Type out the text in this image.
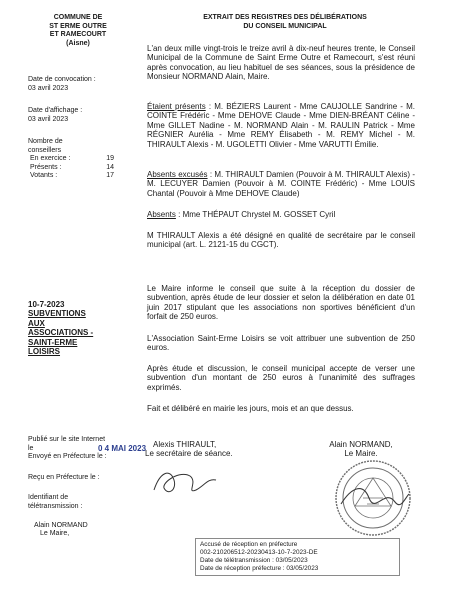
COMMUNE DE
ST ERME OUTRE
ET RAMECOURT
(Aisne)
EXTRAIT DES REGISTRES DES DÉLIBÉRATIONS
DU CONSEIL MUNICIPAL
Date de convocation :
03 avril 2023
Date d'affichage :
03 avril 2023
Nombre de
conseillers
En exercice :	19
Présents :	14
Votants :	17

L'an deux mille vingt-trois le treize avril à dix-neuf heures trente, le Conseil Municipal de la Commune de Saint Erme Outre et Ramecourt, s'est réuni après convocation, au lieu habituel de ses séances, sous la présidence de Monsieur NORMAND Alain, Maire.

Étaient présents : M. BÉZIERS Laurent - Mme CAUJOLLE Sandrine - M. COINTE Frédéric - Mme DEHOVE Claude - Mme DIEN-BRÉANT Céline - Mme GILLET Nadine - M. NORMAND Alain - M. RAULIN Patrick - Mme RÉGNIER Aurélia - Mme REMY Élisabeth - M. REMY Michel - M. THIRAULT Alexis - M. UGOLETTI Olivier - Mme VARUTTI Émilie.

Absents excusés : M. THIRAULT Damien (Pouvoir à M. THIRAULT Alexis) - M. LECUYER Damien (Pouvoir à M. COINTE Frédéric) - Mme LOUIS Chantal (Pouvoir à Mme DEHOVE Claude)

Absents : Mme THÉPAUT Chrystel M. GOSSET Cyril

M THIRAULT Alexis a été désigné en qualité de secrétaire par le conseil municipal (art. L. 2121-15 du CGCT).

10-7-2023
SUBVENTIONS
AUX
ASSOCIATIONS -
SAINT-ERME
LOISIRS

Le Maire informe le conseil que suite à la réception du dossier de subvention, après étude de leur dossier et selon la délibération en date 01 juin 2017 stipulant que les associations non sportives bénéficient d'un forfait de 250 euros.

L'Association Saint-Erme Loisirs se voit attribuer une subvention de 250 euros.

Après étude et discussion, le conseil municipal accepte de verser une subvention d'un montant de 250 euros à l'unanimité des suffrages exprimés.

Fait et délibéré en mairie les jours, mois et an que dessus.

Publié sur le site Internet
le	0 4 MAI 2023
Envoyé en Préfecture le :
Reçu en Préfecture le :
Identifiant de
télétransmission :
Alain NORMAND
Le Maire,
Alexis THIRAULT,
Le secrétaire de séance.
Alain NORMAND,
Le Maire.
Accusé de réception en préfecture
002-210206512-20230413-10-7-2023-DE
Date de télétransmission : 03/05/2023
Date de réception préfecture : 03/05/2023
